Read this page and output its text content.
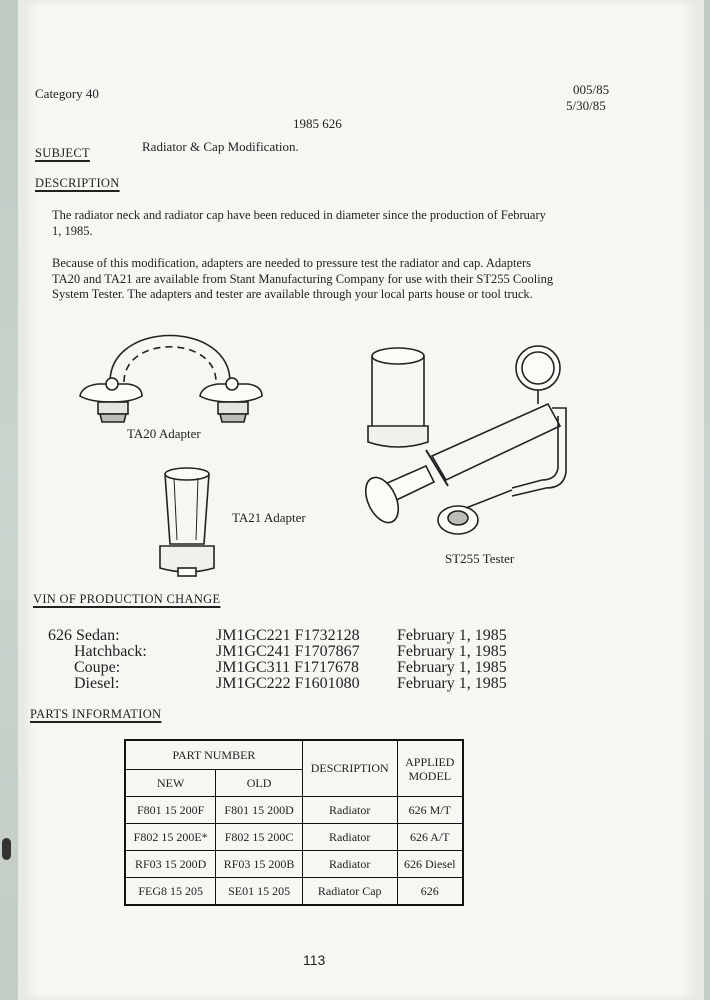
Category 40	005/85
5/30/85
1985 626
SUBJECT	Radiator & Cap Modification.
DESCRIPTION
The radiator neck and radiator cap have been reduced in diameter since the production of February
1, 1985.
Because of this modification, adapters are needed to pressure test the radiator and cap. Adapters
TA20 and TA21 are available from Stant Manufacturing Company for use with their ST255 Cooling
System Tester. The adapters and tester are available through your local parts house or tool truck.
TA20 Adapter
TA21 Adapter
ST255 Tester
VIN OF PRODUCTION CHANGE
626 Sedan:	JM1GC221 F1732128 February 1, 1985
Hatchback:	JM1GC241 F1707867 February 1, 1985
Coupe:	JM1GC311 F1717678 February 1, 1985
Diesel:	JM1GC222 F1601080 February 1, 1985
PARTS INFORMATION
PART NUMBER		DESCRIPTION	APPLIED
MODEL

NEW	OLD		
F801 15 200F	F801 15 200D	Radiator	626 M/T
F802 15 200E*	F802 15 200C	Radiator	626 A/T
RF03 15 200D	RF03 15 200B	Radiator	626 Diesel
FEG8 15 205	SE01 15 205	Radiator Cap	626
113
